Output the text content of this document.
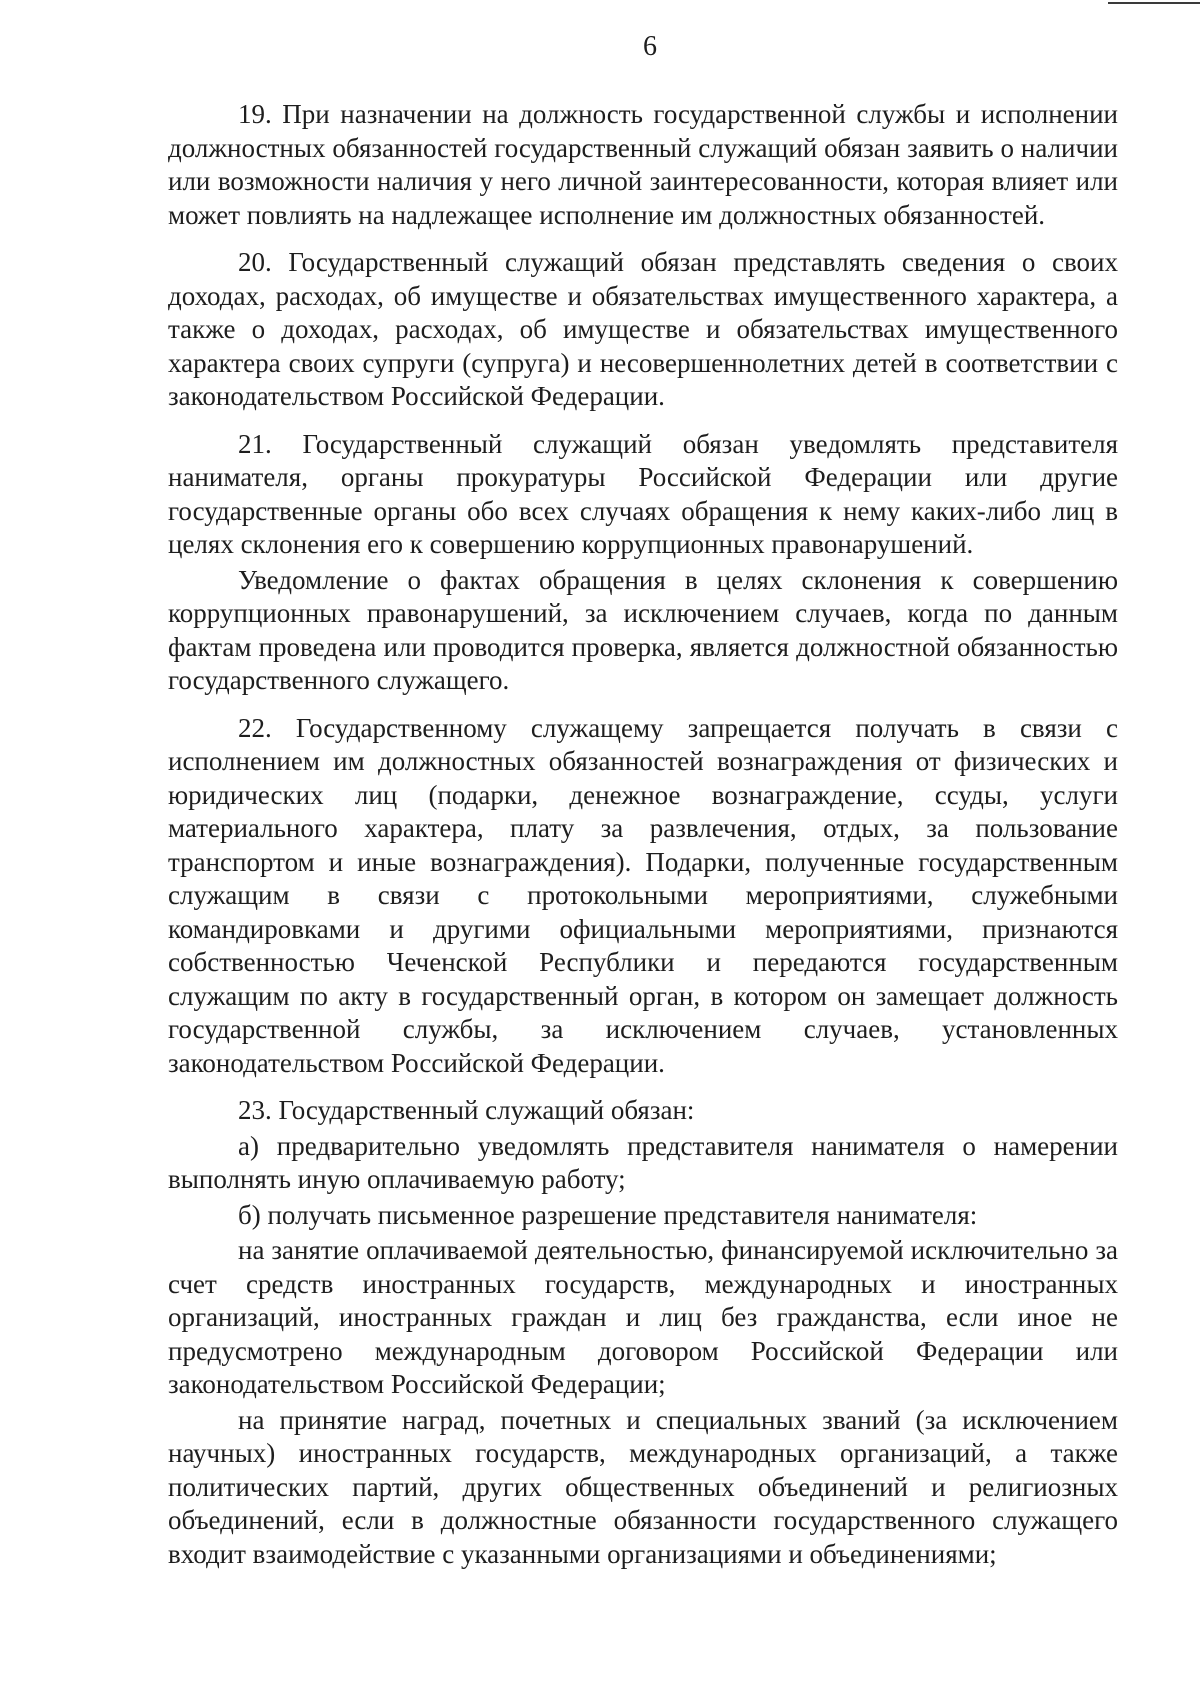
6

19. При назначении на должность государственной службы и исполнении должностных обязанностей государственный служащий обязан заявить о наличии или возможности наличия у него личной заинтересованности, которая влияет или может повлиять на надлежащее исполнение им должностных обязанностей.

20. Государственный служащий обязан представлять сведения о своих доходах, расходах, об имуществе и обязательствах имущественного характера, а также о доходах, расходах, об имуществе и обязательствах имущественного характера своих супруги (супруга) и несовершеннолетних детей в соответствии с законодательством Российской Федерации.

21. Государственный служащий обязан уведомлять представителя нанимателя, органы прокуратуры Российской Федерации или другие государственные органы обо всех случаях обращения к нему каких-либо лиц в целях склонения его к совершению коррупционных правонарушений.

Уведомление о фактах обращения в целях склонения к совершению коррупционных правонарушений, за исключением случаев, когда по данным фактам проведена или проводится проверка, является должностной обязанностью государственного служащего.

22. Государственному служащему запрещается получать в связи с исполнением им должностных обязанностей вознаграждения от физических и юридических лиц (подарки, денежное вознаграждение, ссуды, услуги материального характера, плату за развлечения, отдых, за пользование транспортом и иные вознаграждения). Подарки, полученные государственным служащим в связи с протокольными мероприятиями, служебными командировками и другими официальными мероприятиями, признаются собственностью Чеченской Республики и передаются государственным служащим по акту в государственный орган, в котором он замещает должность государственной службы, за исключением случаев, установленных законодательством Российской Федерации.

23. Государственный служащий обязан:

а) предварительно уведомлять представителя нанимателя о намерении выполнять иную оплачиваемую работу;

б) получать письменное разрешение представителя нанимателя:

на занятие оплачиваемой деятельностью, финансируемой исключительно за счет средств иностранных государств, международных и иностранных организаций, иностранных граждан и лиц без гражданства, если иное не предусмотрено международным договором Российской Федерации или законодательством Российской Федерации;

на принятие наград, почетных и специальных званий (за исключением научных) иностранных государств, международных организаций, а также политических партий, других общественных объединений и религиозных объединений, если в должностные обязанности государственного служащего входит взаимодействие с указанными организациями и объединениями;
